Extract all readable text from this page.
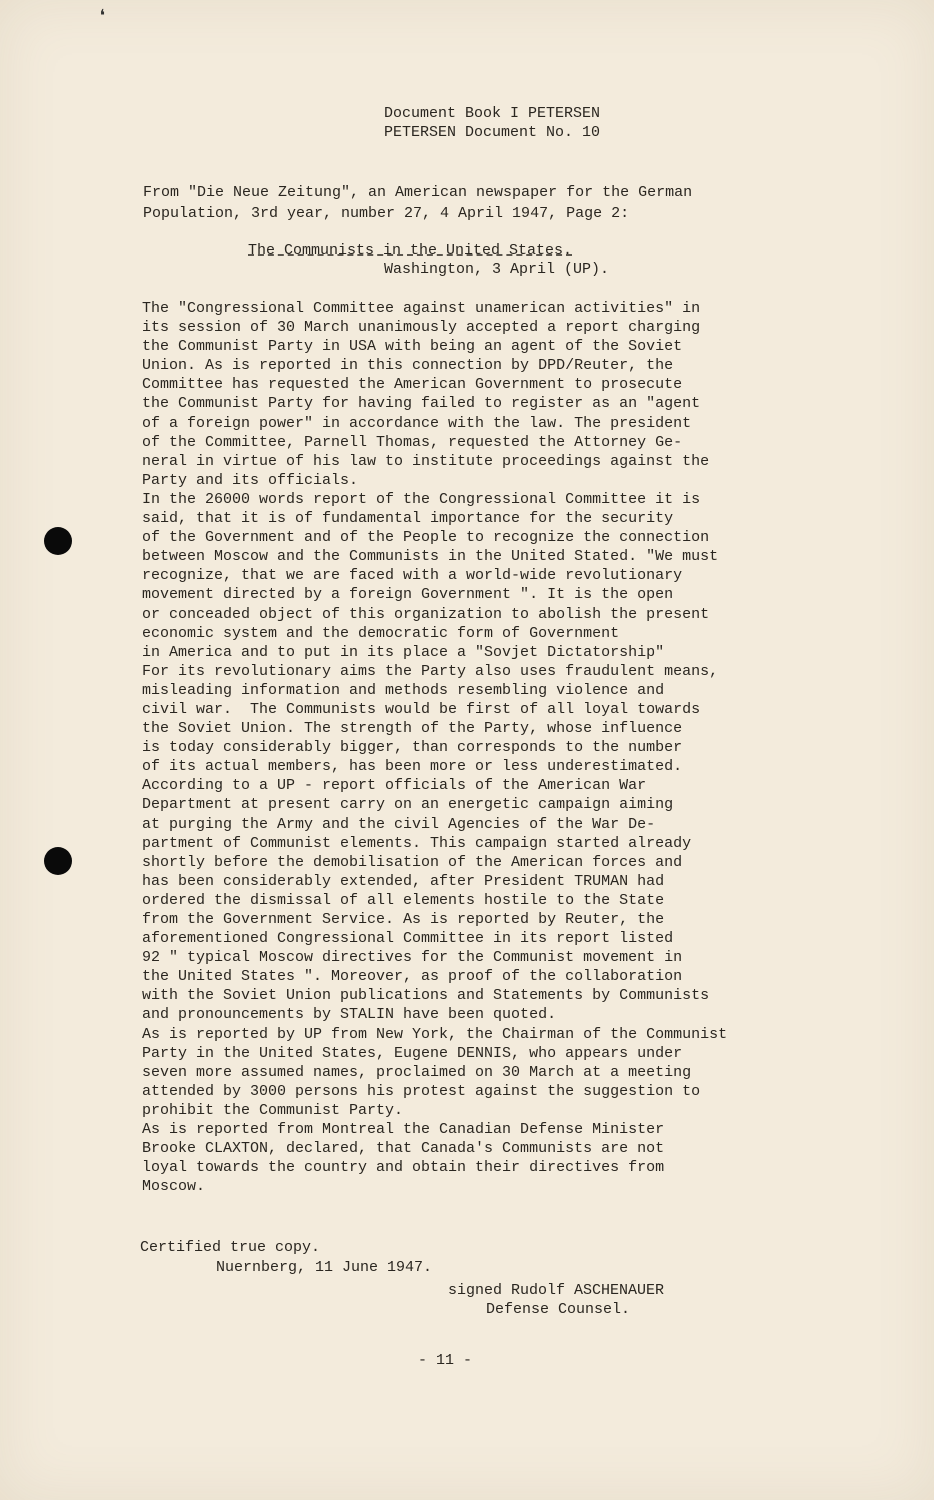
❛
Document Book I PETERSEN
PETERSEN Document No. 10
From "Die Neue Zeitung", an American newspaper for the German
Population, 3rd year, number 27, 4 April 1947, Page 2:
The Communists in the United States.
Washington, 3 April (UP).
The "Congressional Committee against unamerican activities" in
its session of 30 March unanimously accepted a report charging
the Communist Party in USA with being an agent of the Soviet
Union. As is reported in this connection by DPD/Reuter, the
Committee has requested the American Government to prosecute
the Communist Party for having failed to register as an "agent
of a foreign power" in accordance with the law. The president
of the Committee, Parnell Thomas, requested the Attorney Ge-
neral in virtue of his law to institute proceedings against the
Party and its officials.
In the 26000 words report of the Congressional Committee it is
said, that it is of fundamental importance for the security
of the Government and of the People to recognize the connection
between Moscow and the Communists in the United Stated. "We must
recognize, that we are faced with a world-wide revolutionary
movement directed by a foreign Government ". It is the open
or conceaded object of this organization to abolish the present
economic system and the democratic form of Government
in America and to put in its place a "Sovjet Dictatorship"
For its revolutionary aims the Party also uses fraudulent means,
misleading information and methods resembling violence and
civil war.  The Communists would be first of all loyal towards
the Soviet Union. The strength of the Party, whose influence
is today considerably bigger, than corresponds to the number
of its actual members, has been more or less underestimated.
According to a UP - report officials of the American War
Department at present carry on an energetic campaign aiming
at purging the Army and the civil Agencies of the War De-
partment of Communist elements. This campaign started already
shortly before the demobilisation of the American forces and
has been considerably extended, after President TRUMAN had
ordered the dismissal of all elements hostile to the State
from the Government Service. As is reported by Reuter, the
aforementioned Congressional Committee in its report listed
92 " typical Moscow directives for the Communist movement in
the United States ". Moreover, as proof of the collaboration
with the Soviet Union publications and Statements by Communists
and pronouncements by STALIN have been quoted.
As is reported by UP from New York, the Chairman of the Communist
Party in the United States, Eugene DENNIS, who appears under
seven more assumed names, proclaimed on 30 March at a meeting
attended by 3000 persons his protest against the suggestion to
prohibit the Communist Party.
As is reported from Montreal the Canadian Defense Minister
Brooke CLAXTON, declared, that Canada's Communists are not
loyal towards the country and obtain their directives from
Moscow.
Certified true copy.
Nuernberg, 11 June 1947.
signed Rudolf ASCHENAUER
Defense Counsel.
- 11 -
